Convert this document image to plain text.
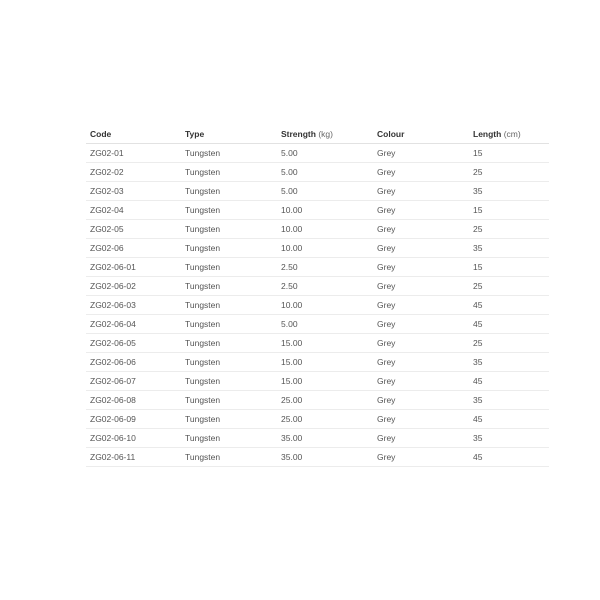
Code	Type	Strength (kg)	Colour	Length (cm)
ZG02-01	Tungsten	5.00	Grey	15
ZG02-02	Tungsten	5.00	Grey	25
ZG02-03	Tungsten	5.00	Grey	35
ZG02-04	Tungsten	10.00	Grey	15
ZG02-05	Tungsten	10.00	Grey	25
ZG02-06	Tungsten	10.00	Grey	35
ZG02-06-01	Tungsten	2.50	Grey	15
ZG02-06-02	Tungsten	2.50	Grey	25
ZG02-06-03	Tungsten	10.00	Grey	45
ZG02-06-04	Tungsten	5.00	Grey	45
ZG02-06-05	Tungsten	15.00	Grey	25
ZG02-06-06	Tungsten	15.00	Grey	35
ZG02-06-07	Tungsten	15.00	Grey	45
ZG02-06-08	Tungsten	25.00	Grey	35
ZG02-06-09	Tungsten	25.00	Grey	45
ZG02-06-10	Tungsten	35.00	Grey	35
ZG02-06-11	Tungsten	35.00	Grey	45
